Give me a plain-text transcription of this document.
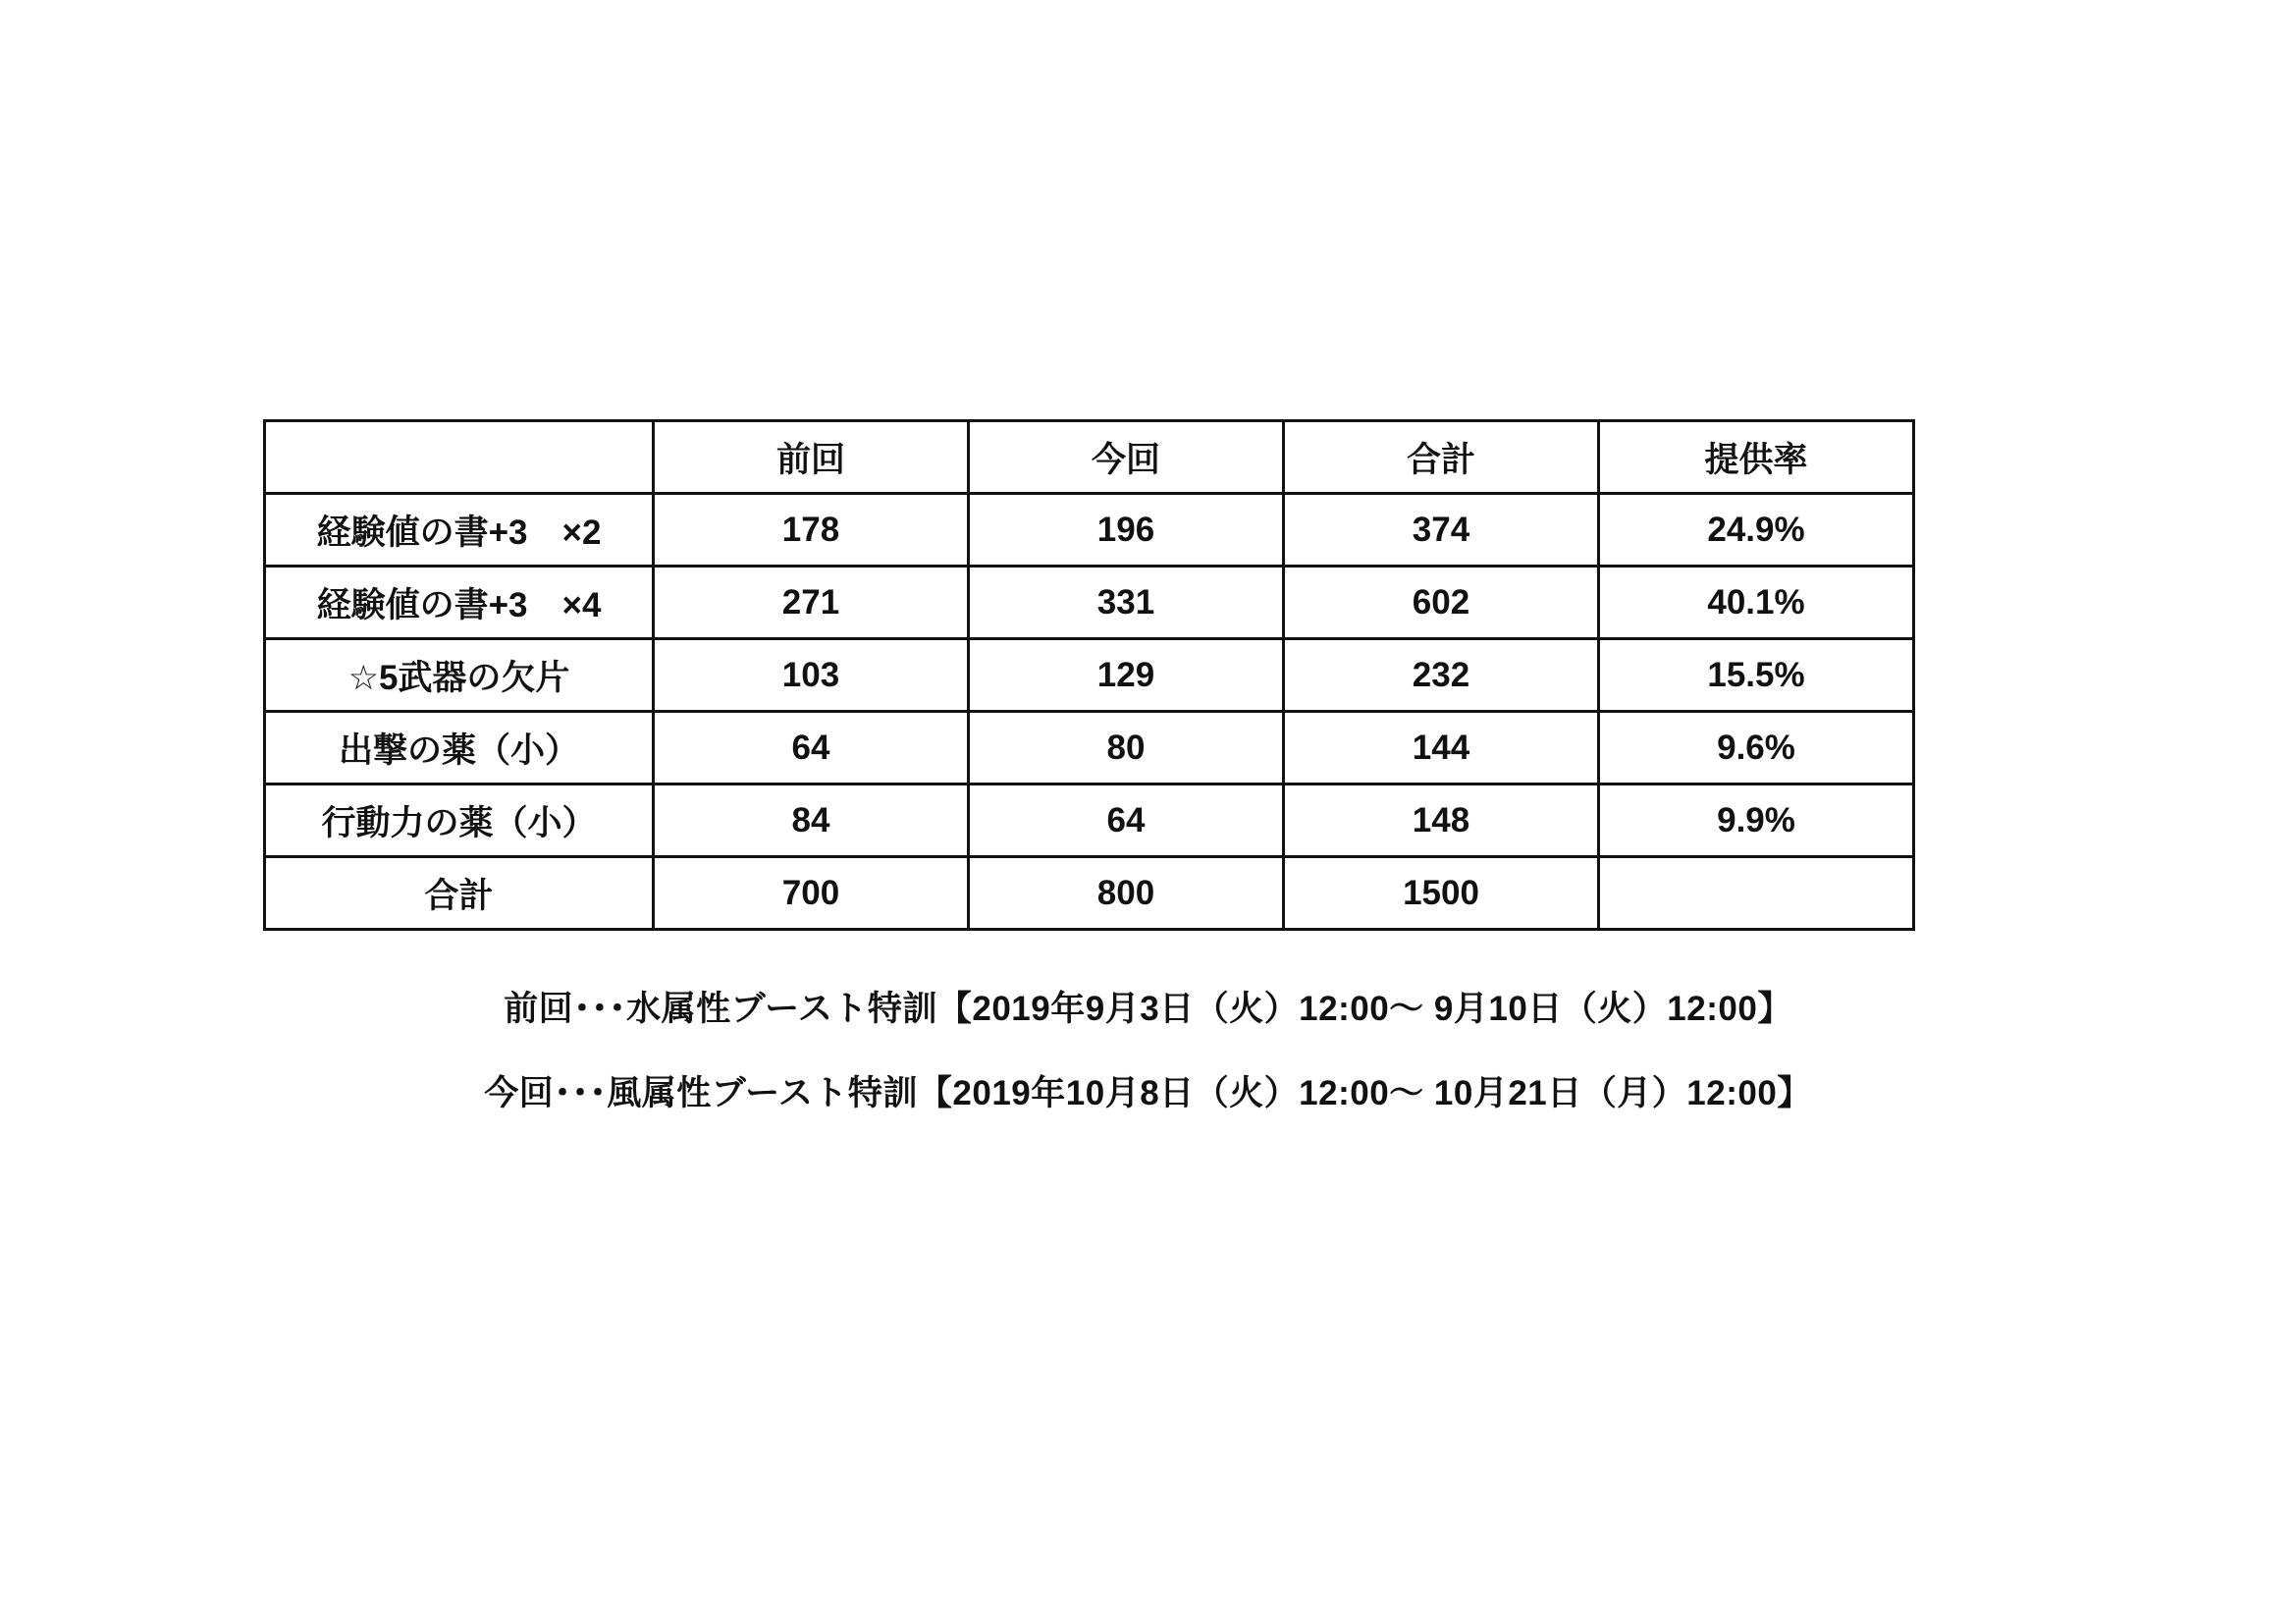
	前回	今回	合計	提供率
経験値の書+3　×2	178	196	374	24.9%
経験値の書+3　×4	271	331	602	40.1%
☆5武器の欠片	103	129	232	15.5%
出撃の薬（小）	64	80	144	9.6%
行動力の薬（小）	84	64	148	9.9%
合計	700	800	1500	

前回･･･水属性ブースト特訓【2019年9月3日（火）12:00～ 9月10日（火）12:00】

今回･･･風属性ブースト特訓【2019年10月8日（火）12:00～ 10月21日（月）12:00】
